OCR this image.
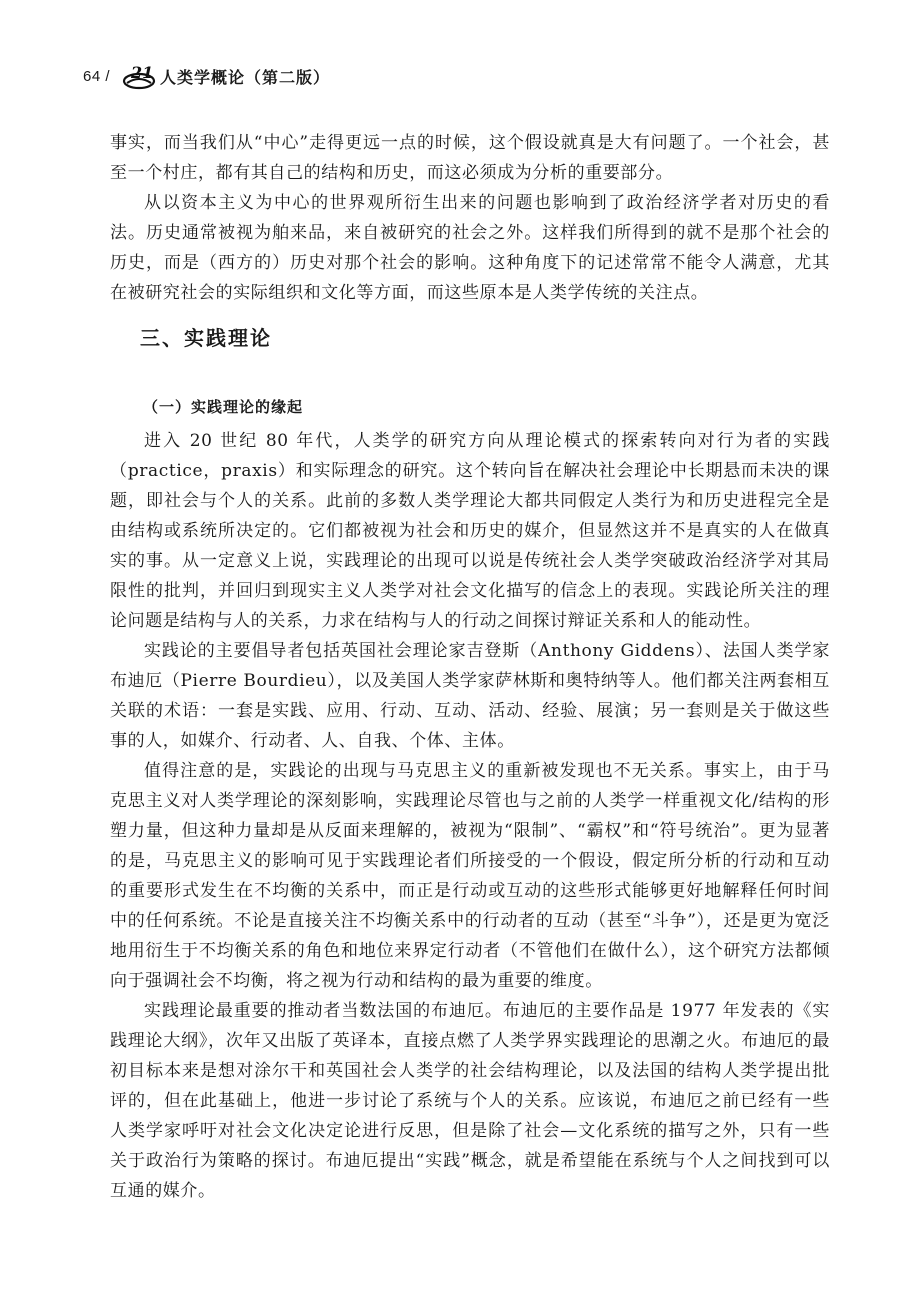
64 / 21 人类学概论（第二版）

事实，而当我们从“中心”走得更远一点的时候，这个假设就真是大有问题了。一个社会，甚至一个村庄，都有其自己的结构和历史，而这必须成为分析的重要部分。

从以资本主义为中心的世界观所衍生出来的问题也影响到了政治经济学者对历史的看法。历史通常被视为舶来品，来自被研究的社会之外。这样我们所得到的就不是那个社会的历史，而是（西方的）历史对那个社会的影响。这种角度下的记述常常不能令人满意，尤其在被研究社会的实际组织和文化等方面，而这些原本是人类学传统的关注点。

三、实践理论
（一）实践理论的缘起

进入 20 世纪 80 年代，人类学的研究方向从理论模式的探索转向对行为者的实践（practice，praxis）和实际理念的研究。这个转向旨在解决社会理论中长期悬而未决的课题，即社会与个人的关系。此前的多数人类学理论大都共同假定人类行为和历史进程完全是由结构或系统所决定的。它们都被视为社会和历史的媒介，但显然这并不是真实的人在做真实的事。从一定意义上说，实践理论的出现可以说是传统社会人类学突破政治经济学对其局限性的批判，并回归到现实主义人类学对社会文化描写的信念上的表现。实践论所关注的理论问题是结构与人的关系，力求在结构与人的行动之间探讨辩证关系和人的能动性。

实践论的主要倡导者包括英国社会理论家吉登斯（Anthony Giddens）、法国人类学家布迪厄（Pierre Bourdieu），以及美国人类学家萨林斯和奥特纳等人。他们都关注两套相互关联的术语：一套是实践、应用、行动、互动、活动、经验、展演；另一套则是关于做这些事的人，如媒介、行动者、人、自我、个体、主体。

值得注意的是，实践论的出现与马克思主义的重新被发现也不无关系。事实上，由于马克思主义对人类学理论的深刻影响，实践理论尽管也与之前的人类学一样重视文化/结构的形塑力量，但这种力量却是从反面来理解的，被视为“限制”、“霸权”和“符号统治”。更为显著的是，马克思主义的影响可见于实践理论者们所接受的一个假设，假定所分析的行动和互动的重要形式发生在不均衡的关系中，而正是行动或互动的这些形式能够更好地解释任何时间中的任何系统。不论是直接关注不均衡关系中的行动者的互动（甚至“斗争”），还是更为宽泛地用衍生于不均衡关系的角色和地位来界定行动者（不管他们在做什么），这个研究方法都倾向于强调社会不均衡，将之视为行动和结构的最为重要的维度。

实践理论最重要的推动者当数法国的布迪厄。布迪厄的主要作品是 1977 年发表的《实践理论大纲》，次年又出版了英译本，直接点燃了人类学界实践理论的思潮之火。布迪厄的最初目标本来是想对涂尔干和英国社会人类学的社会结构理论，以及法国的结构人类学提出批评的，但在此基础上，他进一步讨论了系统与个人的关系。应该说，布迪厄之前已经有一些人类学家呼吁对社会文化决定论进行反思，但是除了社会—文化系统的描写之外，只有一些关于政治行为策略的探讨。布迪厄提出“实践”概念，就是希望能在系统与个人之间找到可以互通的媒介。
